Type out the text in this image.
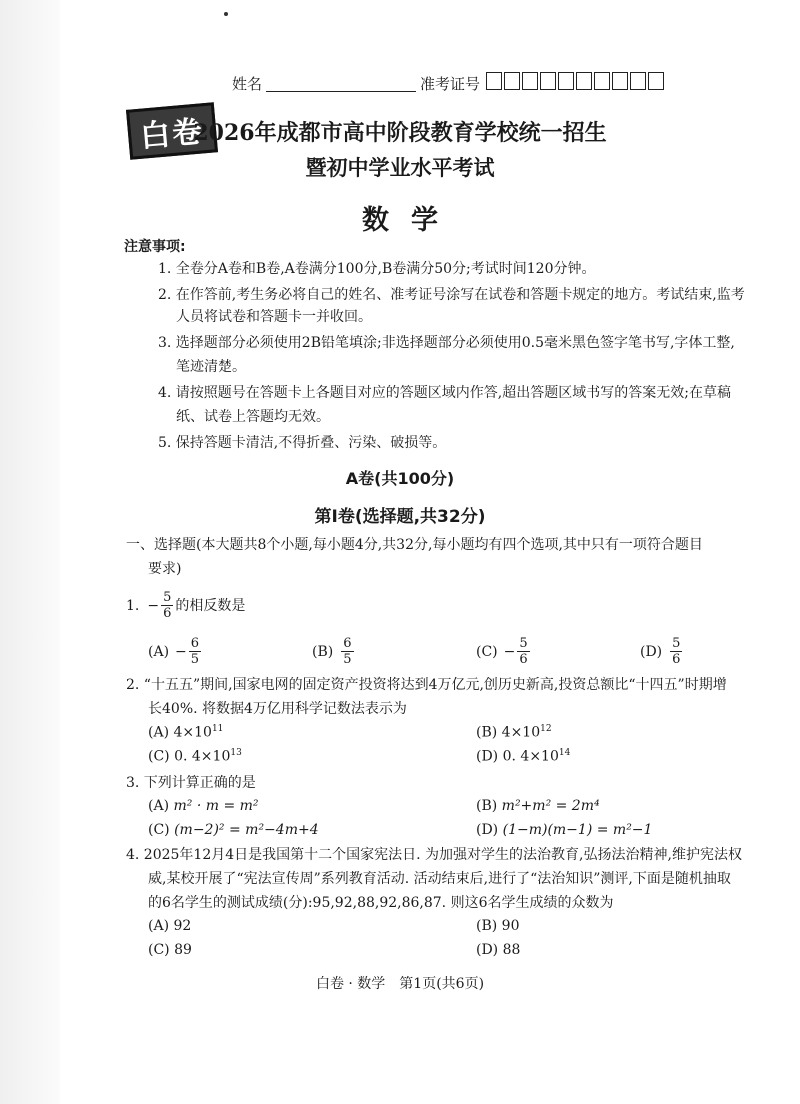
姓名	准考证号
白卷
2026年成都市高中阶段教育学校统一招生
暨初中学业水平考试
数学
注意事项:
1. 全卷分A卷和B卷,A卷满分100分,B卷满分50分;考试时间120分钟。
2. 在作答前,考生务必将自己的姓名、准考证号涂写在试卷和答题卡规定的地方。考试结束,监考
人员将试卷和答题卡一并收回。
3. 选择题部分必须使用2B铅笔填涂;非选择题部分必须使用0.5毫米黑色签字笔书写,字体工整,
笔迹清楚。
4. 请按照题号在答题卡上各题目对应的答题区域内作答,超出答题区域书写的答案无效;在草稿
纸、试卷上答题均无效。
5. 保持答题卡清洁,不得折叠、污染、破损等。
A卷(共100分)
第Ⅰ卷(选择题,共32分)
一、选择题(本大题共8个小题,每小题4分,共32分,每小题均有四个选项,其中只有一项符合题目
要求)
1. − $\frac{5}{6}$ 的相反数是
$(A) - \frac{6}{5}$	$(B) \frac{6}{5}$	$(C) - \frac{5}{6}$	$(D) \frac{5}{6}$
2. “十五五”期间,国家电网的固定资产投资将达到4万亿元,创历史新高,投资总额比“十四五”时期增
长40%. 将数据4万亿用科学记数法表示为
(A) $4\times 10^{11}$	(B) $4\times 10^{12}$
(C) 0. $4\times 10^{13}$	(D) 0. $4\times 10^{14}$
3. 下列计算正确的是
(A) m² · m = m²	(B) m²+m² = 2m⁴
(C) (m−2)² = m²−4m+4	(D) (1−m)(m−1) = m²−1
4. 2025年12月4日是我国第十二个国家宪法日. 为加强对学生的法治教育,弘扬法治精神,维护宪法权
威,某校开展了“宪法宣传周”系列教育活动. 活动结束后,进行了“法治知识”测评,下面是随机抽取
的6名学生的测试成绩(分):95,92,88,92,86,87. 则这6名学生成绩的众数为
(A) 92	(B) 90
(C) 89	(D) 88
白卷 · 数学　第1页(共6页)
